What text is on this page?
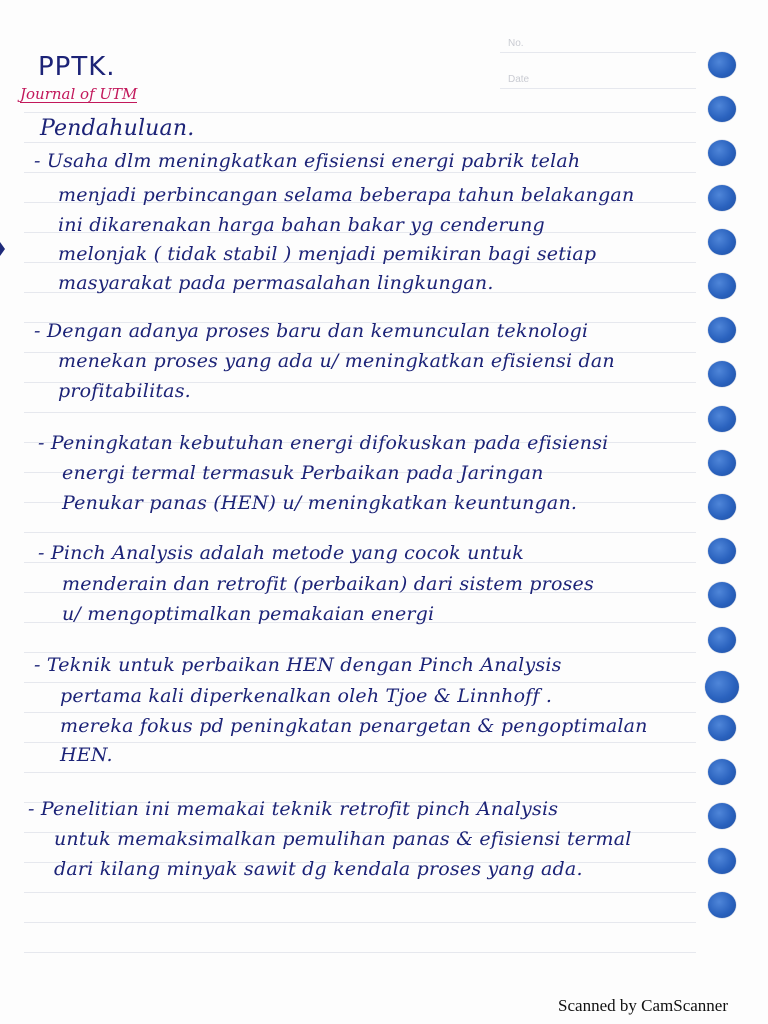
No.
Date
PPTK.
Journal of UTM
Pendahuluan.
- Usaha dlm meningkatkan efisiensi energi pabrik telah
menjadi perbincangan selama beberapa tahun belakangan
ini dikarenakan harga bahan bakar yg cenderung
melonjak ( tidak stabil ) menjadi pemikiran bagi setiap
masyarakat pada permasalahan lingkungan.
- Dengan adanya proses baru dan kemunculan teknologi
menekan proses yang ada u/ meningkatkan efisiensi dan
profitabilitas.
- Peningkatan kebutuhan energi difokuskan pada efisiensi
energi termal termasuk Perbaikan pada Jaringan
Penukar panas (HEN) u/ meningkatkan keuntungan.
- Pinch Analysis adalah metode yang cocok untuk
menderain dan retrofit (perbaikan) dari sistem proses
u/ mengoptimalkan pemakaian energi
- Teknik untuk perbaikan HEN dengan Pinch Analysis
pertama kali diperkenalkan oleh Tjoe & Linnhoff .
mereka fokus pd peningkatan penargetan & pengoptimalan
HEN.
- Penelitian ini memakai teknik retrofit pinch Analysis
untuk memaksimalkan pemulihan panas & efisiensi termal
dari kilang minyak sawit dg kendala proses yang ada.
Scanned by CamScanner
